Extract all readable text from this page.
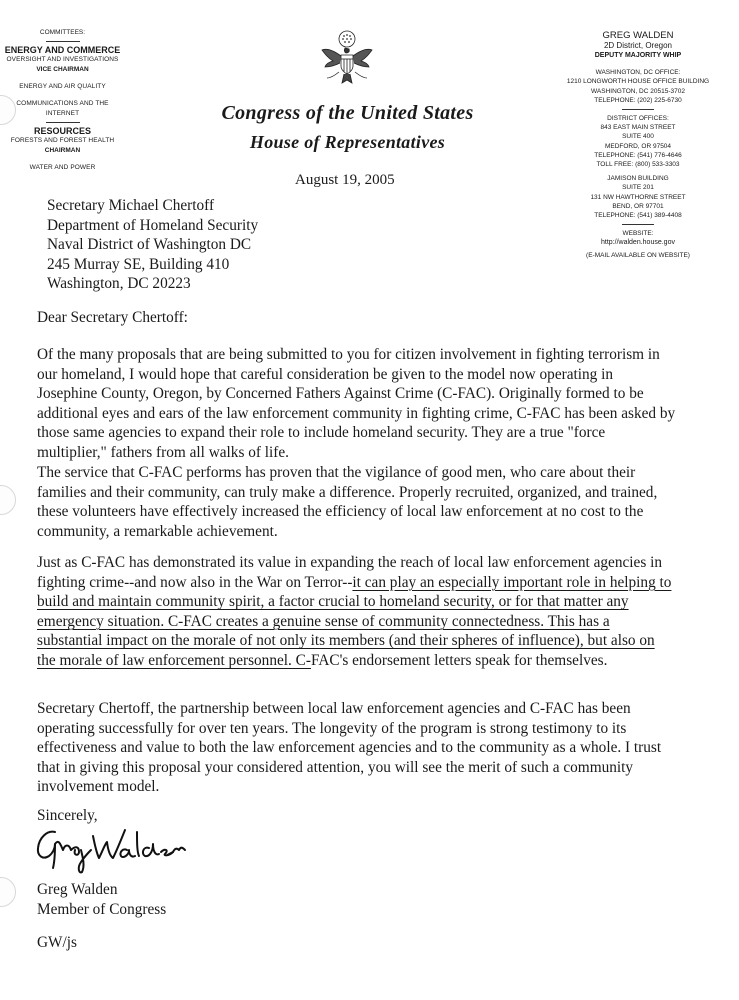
COMMITTEES:
ENERGY AND COMMERCE
OVERSIGHT AND INVESTIGATIONS
VICE CHAIRMAN
ENERGY AND AIR QUALITY
COMMUNICATIONS AND THE INTERNET
RESOURCES
FORESTS AND FOREST HEALTH
CHAIRMAN
WATER AND POWER
Congress of the United States
House of Representatives
August 19, 2005
GREG WALDEN
2D District, Oregon
DEPUTY MAJORITY WHIP
WASHINGTON, DC OFFICE:
1210 LONGWORTH HOUSE OFFICE BUILDING
WASHINGTON, DC 20515-3702
TELEPHONE: (202) 225-6730
DISTRICT OFFICES:
843 EAST MAIN STREET
SUITE 400
MEDFORD, OR 97504
TELEPHONE: (541) 776-4646
TOLL FREE: (800) 533-3303
JAMISON BUILDING
SUITE 201
131 NW HAWTHORNE STREET
BEND, OR 97701
TELEPHONE: (541) 389-4408
WEBSITE:
http://walden.house.gov
(E-MAIL AVAILABLE ON WEBSITE)
Secretary Michael Chertoff
Department of Homeland Security
Naval District of Washington DC
245 Murray SE, Building 410
Washington, DC 20223
Dear Secretary Chertoff:
Of the many proposals that are being submitted to you for citizen involvement in fighting terrorism in our homeland, I would hope that careful consideration be given to the model now operating in Josephine County, Oregon, by Concerned Fathers Against Crime (C-FAC). Originally formed to be additional eyes and ears of the law enforcement community in fighting crime, C-FAC has been asked by those same agencies to expand their role to include homeland security. They are a true "force multiplier," fathers from all walks of life.
The service that C-FAC performs has proven that the vigilance of good men, who care about their families and their community, can truly make a difference. Properly recruited, organized, and trained, these volunteers have effectively increased the efficiency of local law enforcement at no cost to the community, a remarkable achievement.
Just as C-FAC has demonstrated its value in expanding the reach of local law enforcement agencies in fighting crime--and now also in the War on Terror--it can play an especially important role in helping to build and maintain community spirit, a factor crucial to homeland security, or for that matter any emergency situation. C-FAC creates a genuine sense of community connectedness. This has a substantial impact on the morale of not only its members (and their spheres of influence), but also on the morale of law enforcement personnel. C-FAC's endorsement letters speak for themselves.
Secretary Chertoff, the partnership between local law enforcement agencies and C-FAC has been operating successfully for over ten years. The longevity of the program is strong testimony to its effectiveness and value to both the law enforcement agencies and to the community as a whole. I trust that in giving this proposal your considered attention, you will see the merit of such a community involvement model.
Sincerely,
Greg Walden
Member of Congress
GW/js
